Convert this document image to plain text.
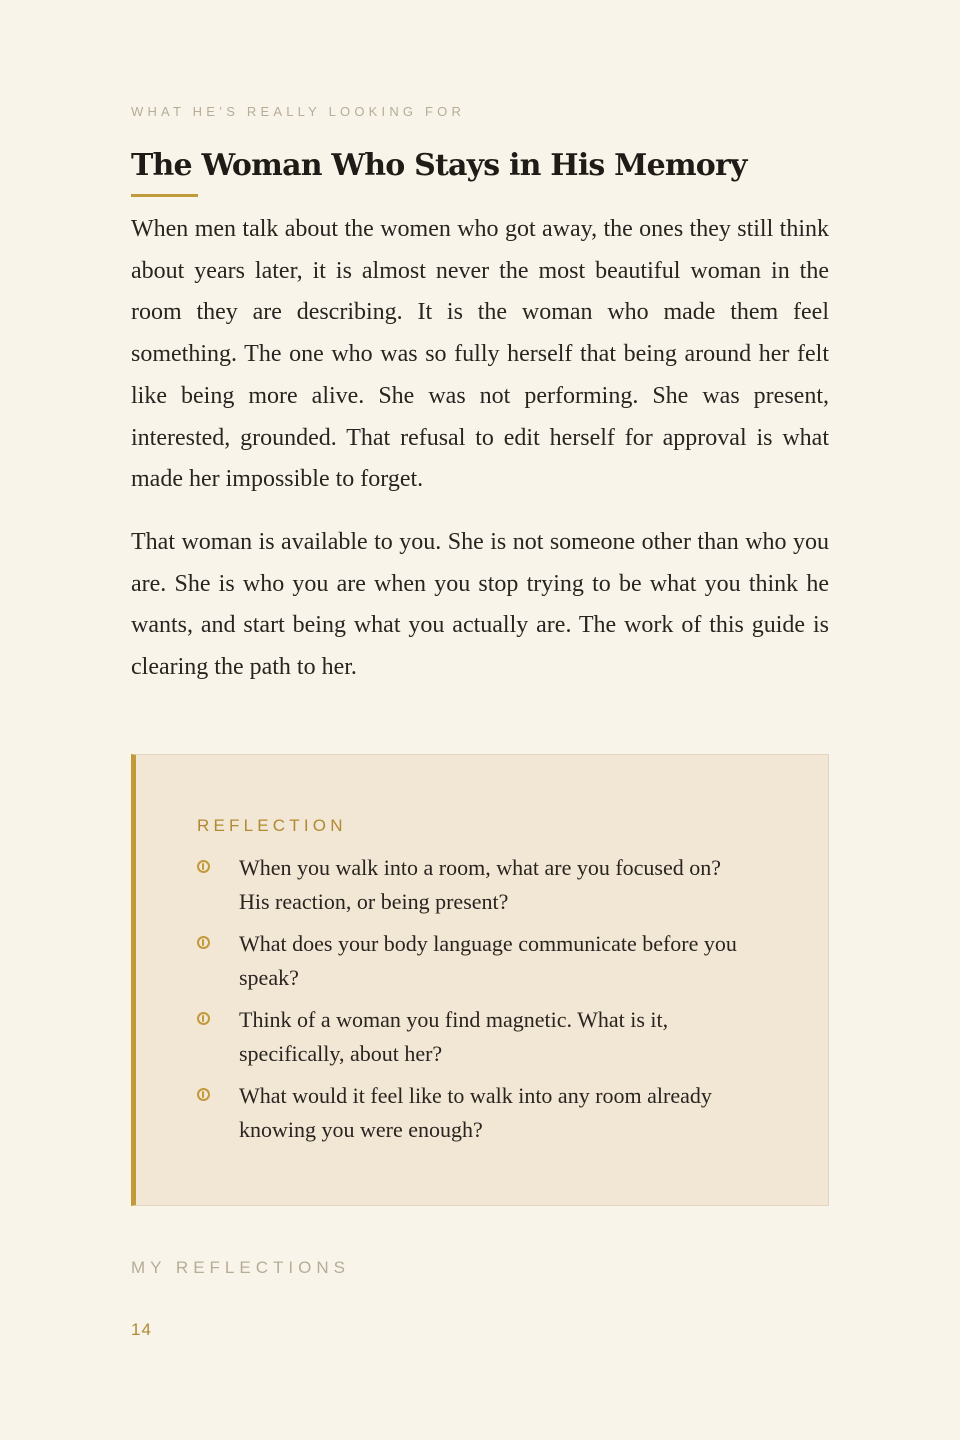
WHAT HE’S REALLY LOOKING FOR
The Woman Who Stays in His Memory

When men talk about the women who got away, the ones they still think about years later, it is almost never the most beautiful woman in the room they are describing. It is the woman who made them feel something. The one who was so fully herself that being around her felt like being more alive. She was not performing. She was present, interested, grounded. That refusal to edit herself for approval is what made her impossible to forget.

That woman is available to you. She is not someone other than who you are. She is who you are when you stop trying to be what you think he wants, and start being what you actually are. The work of this guide is clearing the path to her.

REFLECTION
When you walk into a room, what are you focused on? His reaction, or being present?
What does your body language communicate before you speak?
Think of a woman you find magnetic. What is it, specifically, about her?
What would it feel like to walk into any room already knowing you were enough?
MY REFLECTIONS
14
